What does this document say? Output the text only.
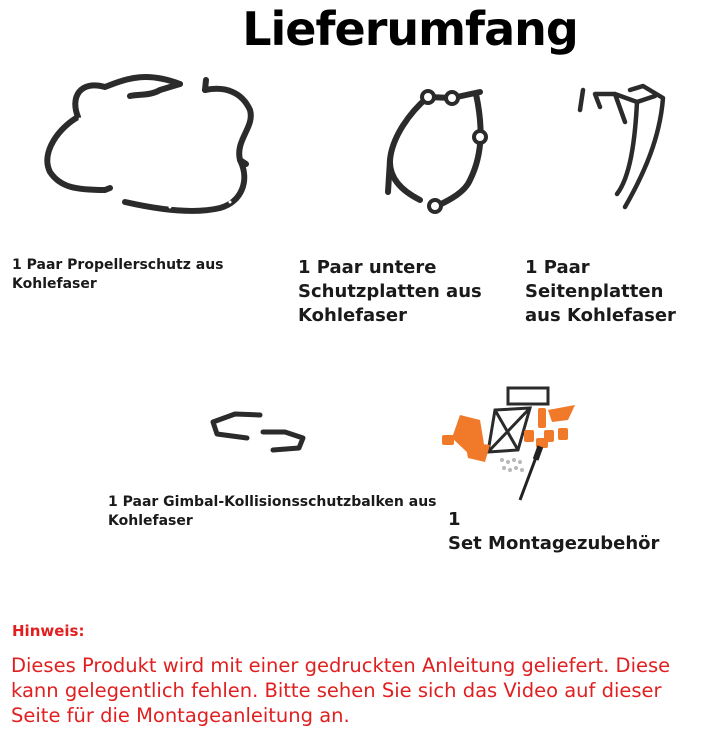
Lieferumfang
1 Paar Propellerschutz aus
Kohlefaser
1 Paar untere
Schutzplatten aus
Kohlefaser
1 Paar Seitenplatten
aus Kohlefaser
1 Paar Gimbal-Kollisionsschutzbalken aus
Kohlefaser	1
Set Montagezubehör
Hinweis:
Dieses Produkt wird mit einer gedruckten Anleitung geliefert. Diese
kann gelegentlich fehlen. Bitte sehen Sie sich das Video auf dieser
Seite für die Montageanleitung an.
